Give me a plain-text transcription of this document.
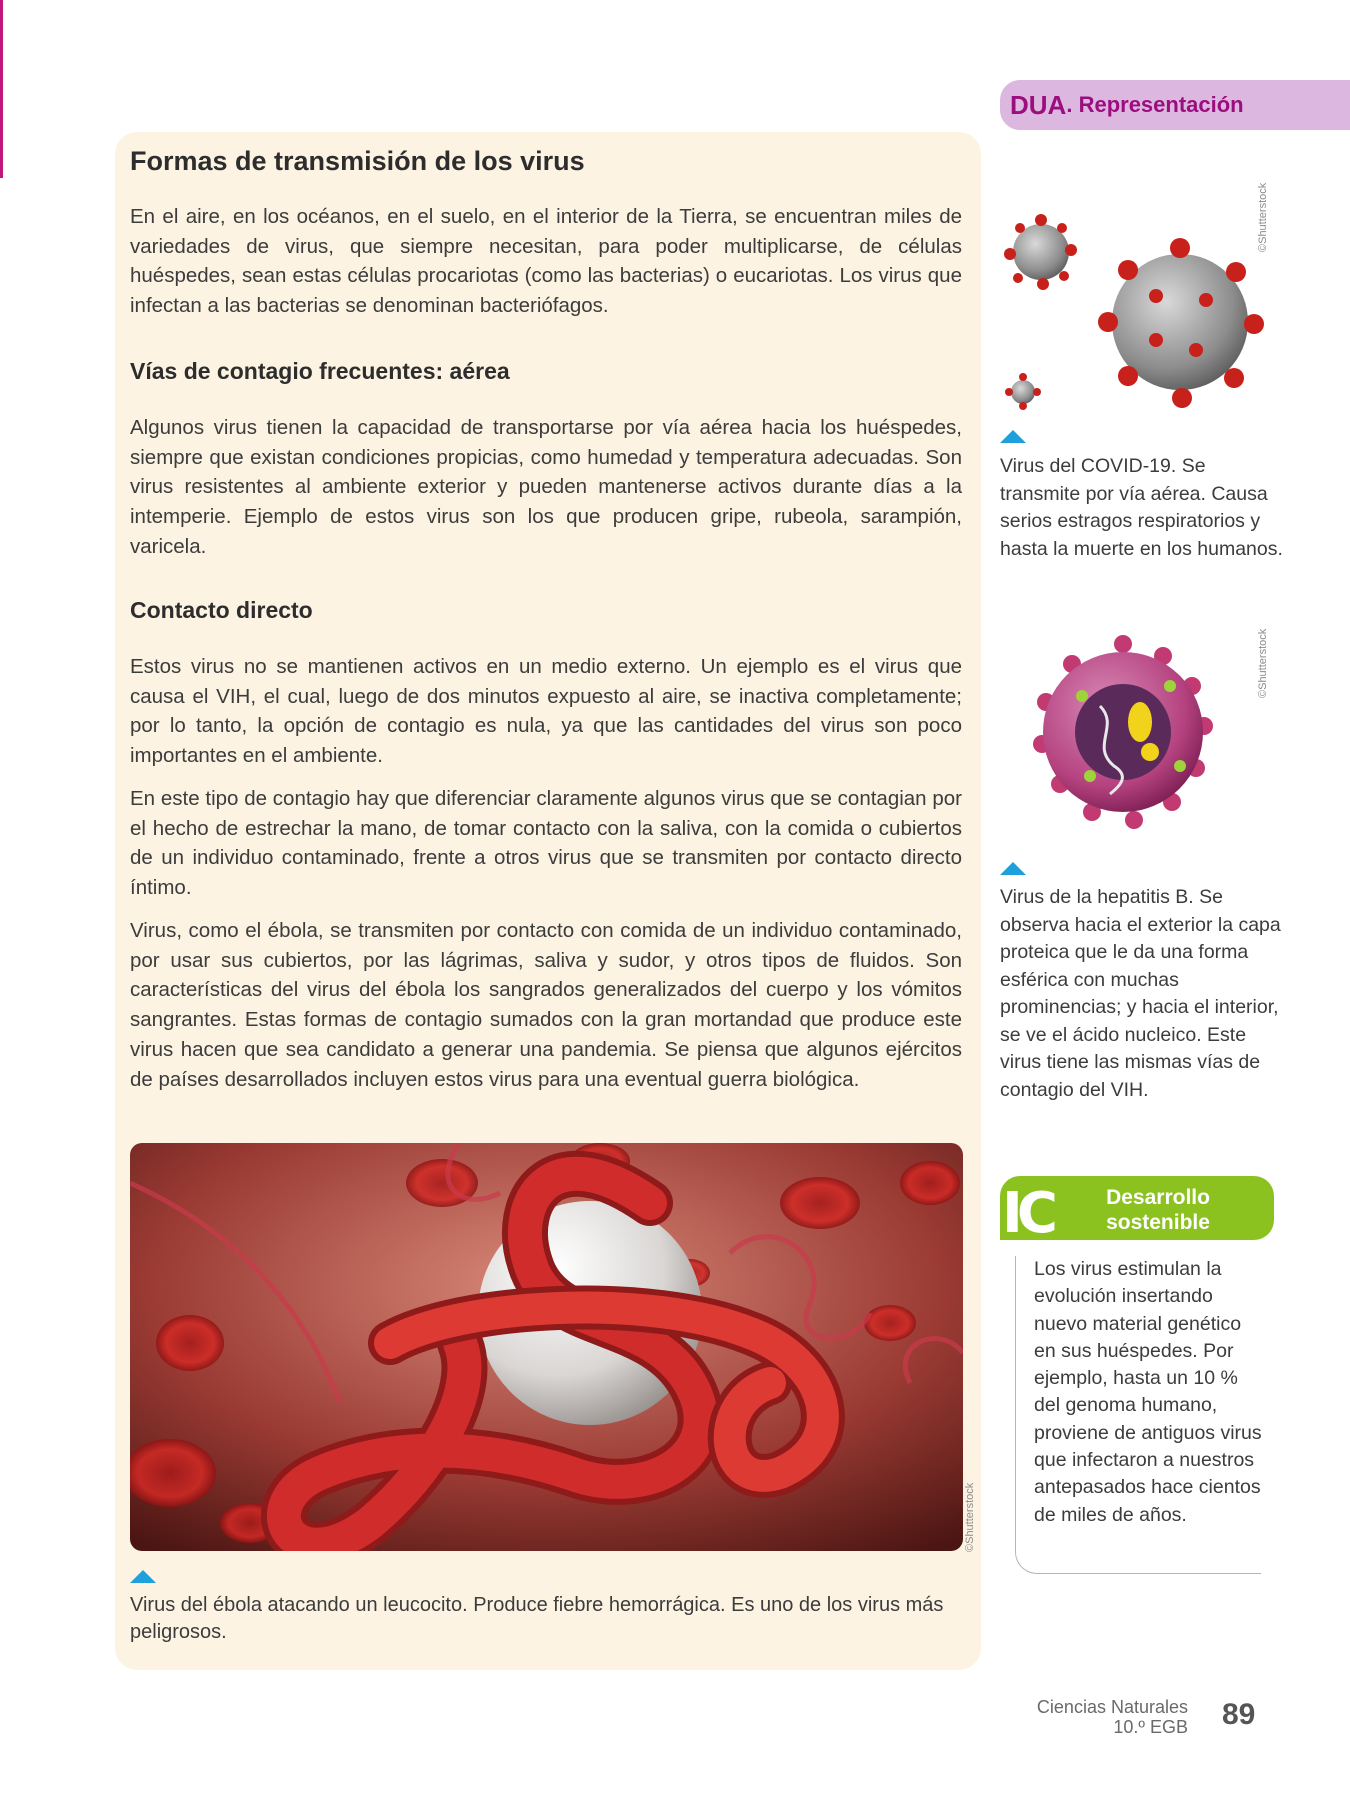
Formas de transmisión de los virus

En el aire, en los océanos, en el suelo, en el interior de la Tierra, se encuentran miles de variedades de virus, que siempre necesitan, para poder multiplicarse, de células huéspedes, sean estas células procariotas (como las bacterias) o eucariotas. Los virus que infectan a las bacterias se denominan bacteriófagos.

Vías de contagio frecuentes: aérea

Algunos virus tienen la capacidad de transportarse por vía aérea hacia los huéspedes, siempre que existan condiciones propicias, como humedad y temperatura adecuadas. Son virus resistentes al ambiente exterior y pueden mantenerse activos durante días a la intemperie. Ejemplo de estos virus son los que producen gripe, rubeola, sarampión, varicela.

Contacto directo

Estos virus no se mantienen activos en un medio externo. Un ejemplo es el virus que causa el VIH, el cual, luego de dos minutos expuesto al aire, se inactiva completamente; por lo tanto, la opción de contagio es nula, ya que las cantidades del virus son poco importantes en el ambiente.

En este tipo de contagio hay que diferenciar claramente algunos virus que se contagian por el hecho de estrechar la mano, de tomar contacto con la saliva, con la comida o cubiertos de un individuo contaminado, frente a otros virus que se transmiten por contacto directo íntimo.

Virus, como el ébola, se transmiten por contacto con comida de un individuo contaminado, por usar sus cubiertos, por las lágrimas, saliva y sudor, y otros tipos de fluidos. Son características del virus del ébola los sangrados generalizados del cuerpo y los vómitos sangrantes. Estas formas de contagio sumados con la gran mortandad que produce este virus hacen que sea candidato a generar una pandemia. Se piensa que algunos ejércitos de países desarrollados incluyen estos virus para una eventual guerra biológica.

©Shutterstock

Virus del ébola atacando un leucocito. Produce fiebre hemorrágica. Es uno de los virus más peligrosos.

DUA . Representación
©Shutterstock

Virus del COVID-19. Se transmite por vía aérea. Causa serios estragos respiratorios y hasta la muerte en los humanos.

©Shutterstock

Virus de la hepatitis B. Se observa hacia el exterior la capa proteica que le da una forma esférica con muchas prominencias; y hacia el interior, se ve el ácido nucleico. Este virus tiene las mismas vías de contagio del VIH.

IC	Desarrollo sostenible

Los virus estimulan la evolución insertando nuevo material genético en sus huéspedes. Por ejemplo, hasta un 10 % del genoma humano, proviene de antiguos virus que infectaron a nuestros antepasados hace cientos de miles de años.

Ciencias Naturales
10.º EGB 89
